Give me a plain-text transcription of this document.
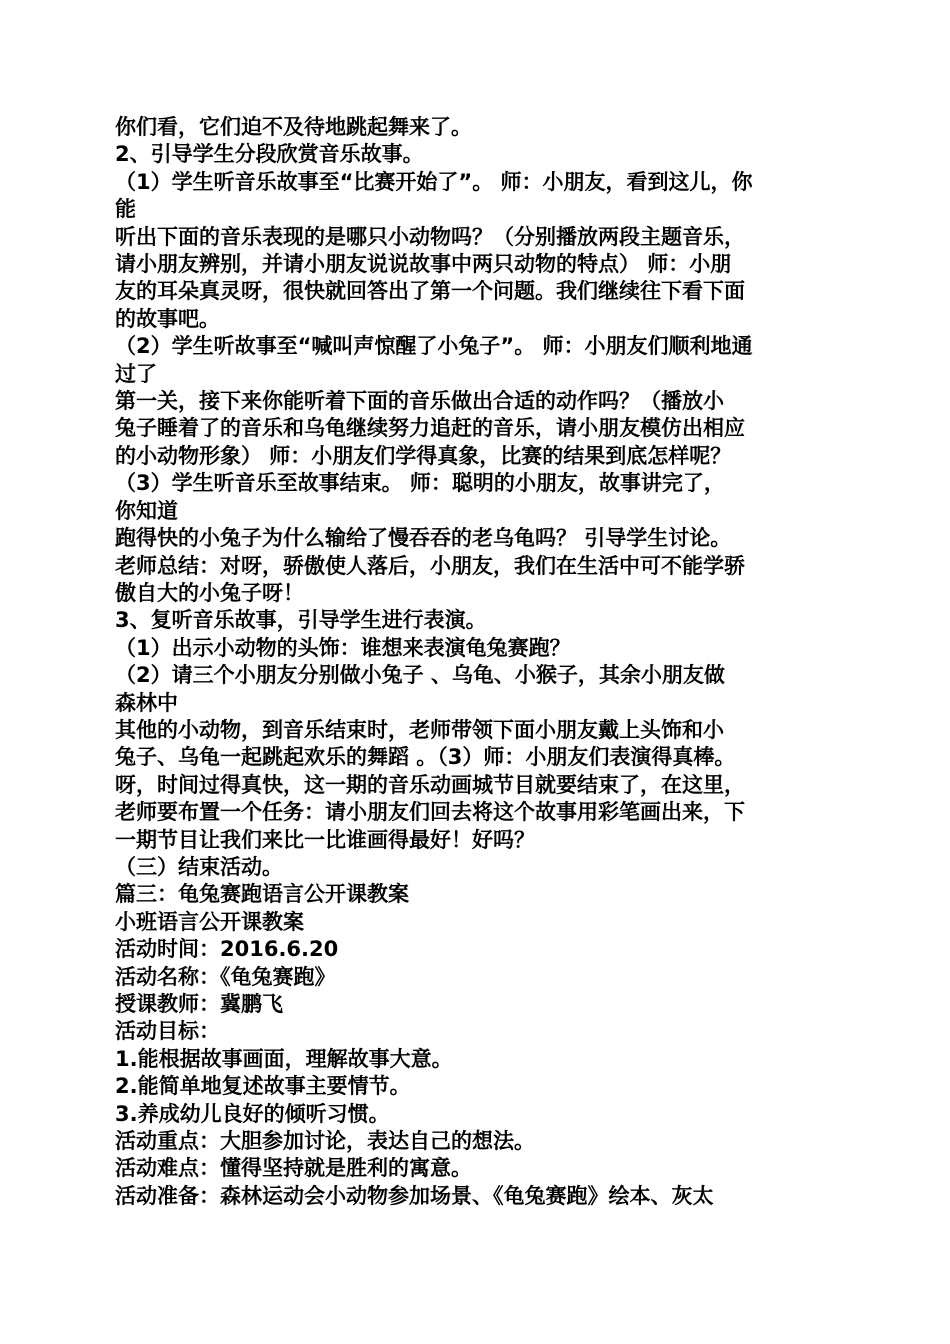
你们看，它们迫不及待地跳起舞来了。
2、引导学生分段欣赏音乐故事。
（1）学生听音乐故事至“比赛开始了”。 师：小朋友，看到这儿，你
能
听出下面的音乐表现的是哪只小动物吗？（分别播放两段主题音乐，
请小朋友辨别，并请小朋友说说故事中两只动物的特点） 师：小朋
友的耳朵真灵呀，很快就回答出了第一个问题。我们继续往下看下面
的故事吧。
（2）学生听故事至“喊叫声惊醒了小兔子”。 师：小朋友们顺利地通
过了
第一关，接下来你能听着下面的音乐做出合适的动作吗？（播放小
兔子睡着了的音乐和乌龟继续努力追赶的音乐，请小朋友模仿出相应
的小动物形象） 师：小朋友们学得真象，比赛的结果到底怎样呢？
（3）学生听音乐至故事结束。 师：聪明的小朋友，故事讲完了，
你知道
跑得快的小兔子为什么输给了慢吞吞的老乌龟吗？ 引导学生讨论。
老师总结：对呀，骄傲使人落后，小朋友，我们在生活中可不能学骄
傲自大的小兔子呀！
3、复听音乐故事，引导学生进行表演。
（1）出示小动物的头饰：谁想来表演龟兔赛跑？
（2）请三个小朋友分别做小兔子 、乌龟、小猴子，其余小朋友做
森林中
其他的小动物，到音乐结束时，老师带领下面小朋友戴上头饰和小
兔子、乌龟一起跳起欢乐的舞蹈 。（3）师：小朋友们表演得真棒。
呀，时间过得真快，这一期的音乐动画城节目就要结束了，在这里，
老师要布置一个任务：请小朋友们回去将这个故事用彩笔画出来，下
一期节目让我们来比一比谁画得最好！好吗？
（三）结束活动。
篇三：龟兔赛跑语言公开课教案
小班语言公开课教案
活动时间：2016.6.20
活动名称：《龟兔赛跑》
授课教师：冀鹏飞
活动目标：
1.能根据故事画面，理解故事大意。
2.能简单地复述故事主要情节。
3.养成幼儿良好的倾听习惯。
活动重点：大胆参加讨论，表达自己的想法。
活动难点：懂得坚持就是胜利的寓意。
活动准备：森林运动会小动物参加场景、《龟兔赛跑》绘本、灰太
